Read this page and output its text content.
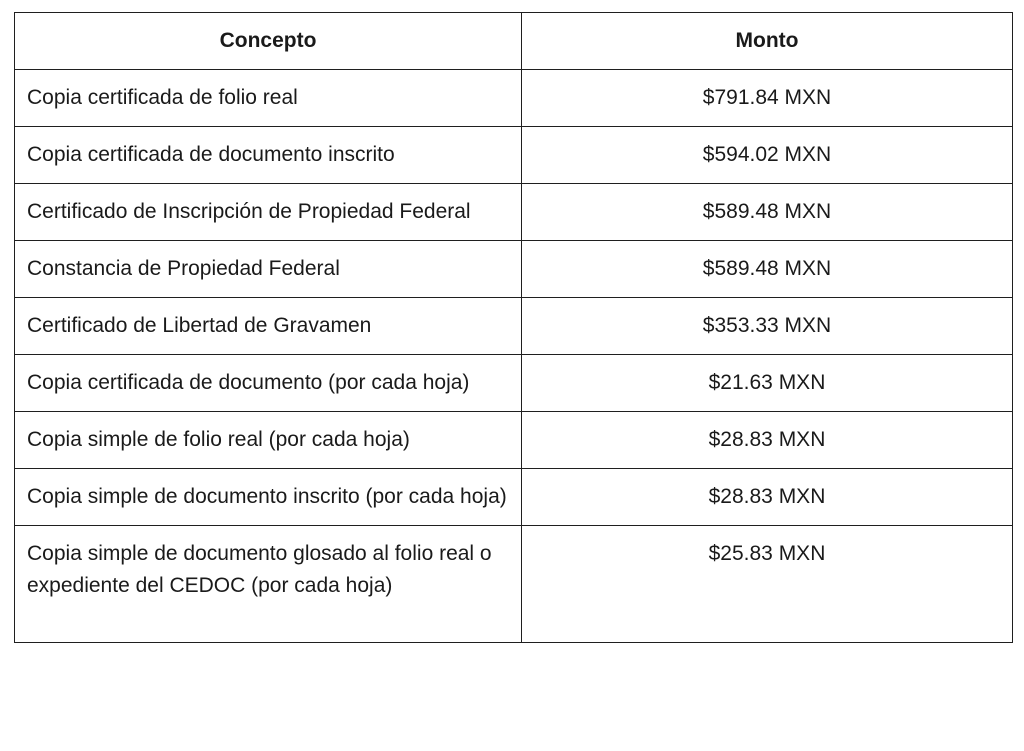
Concepto	Monto
Copia certificada de folio real	$791.84 MXN
Copia certificada de documento inscrito	$594.02 MXN
Certificado de Inscripción de Propiedad Federal	$589.48 MXN
Constancia de Propiedad Federal	$589.48 MXN
Certificado de Libertad de Gravamen	$353.33 MXN
Copia certificada de documento (por cada hoja)	$21.63 MXN
Copia simple de folio real (por cada hoja)	$28.83 MXN
Copia simple de documento inscrito (por cada hoja)	$28.83 MXN
Copia simple de documento glosado al folio real o expediente del CEDOC (por cada hoja)	$25.83 MXN
